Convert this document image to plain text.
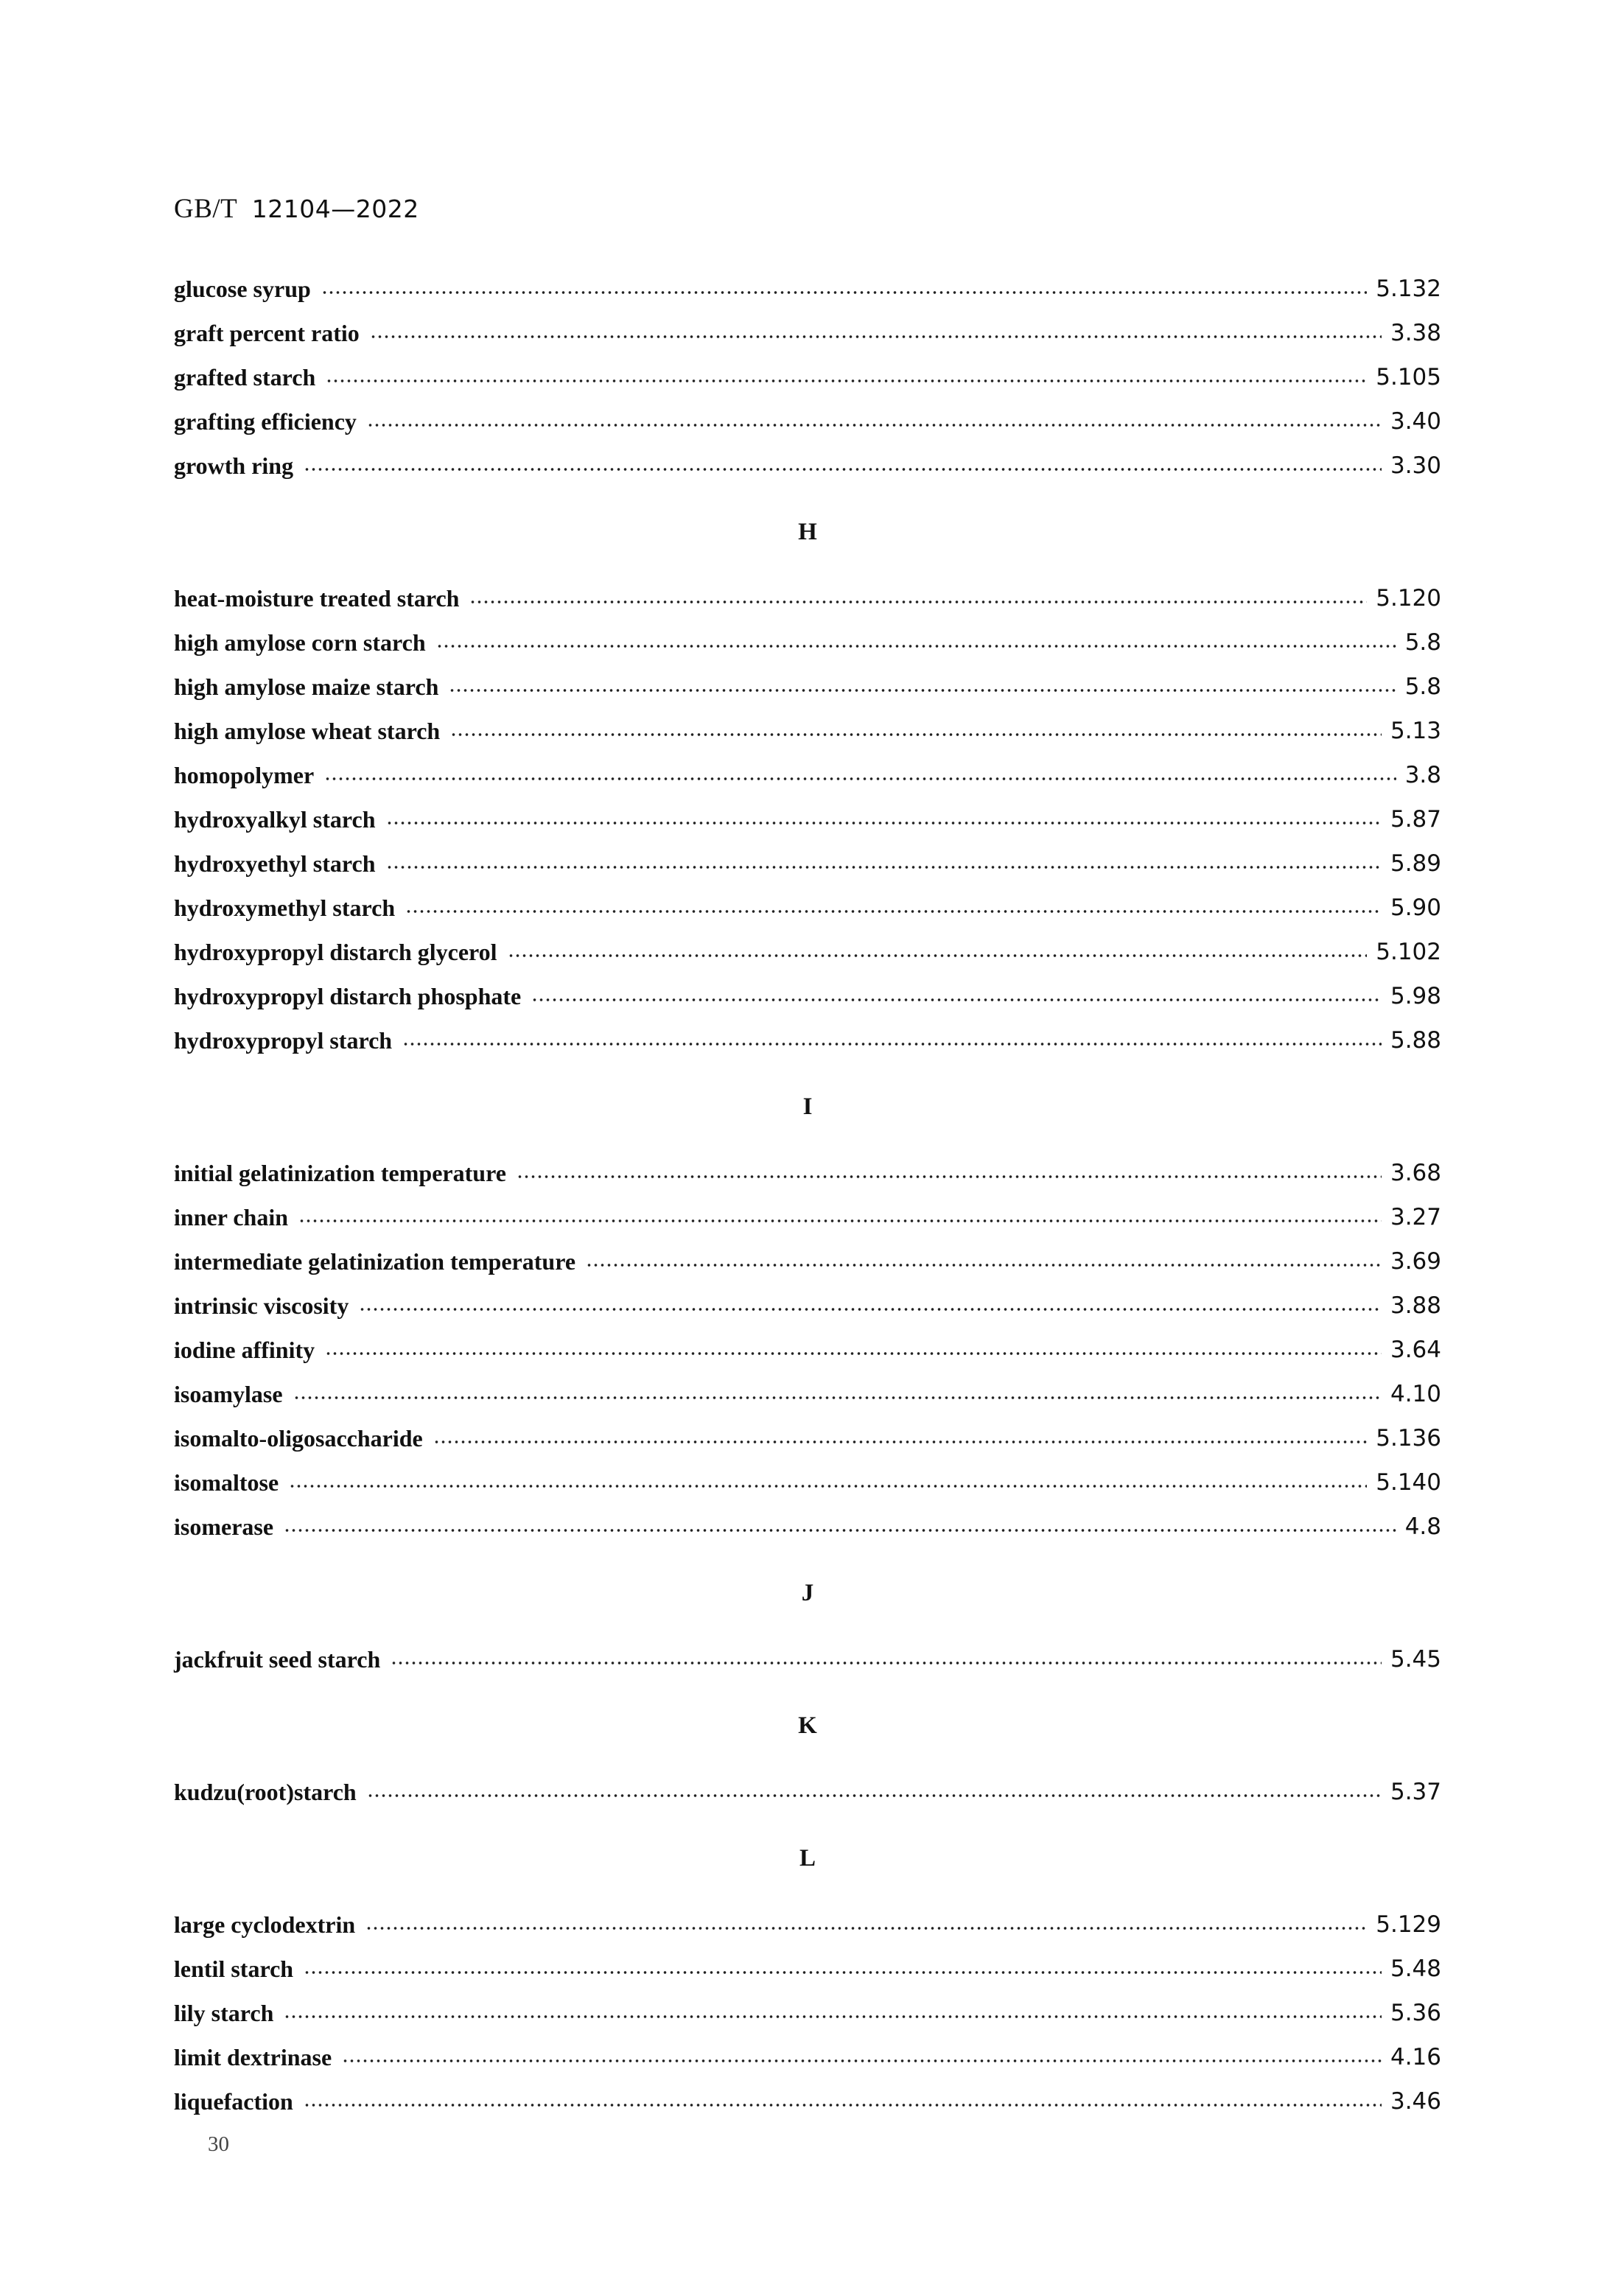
GB/T 12104—2022
glucose syrup	5.132
graft percent ratio	3.38
grafted starch	5.105
grafting efficiency	3.40
growth ring	3.30
H
heat-moisture treated starch	5.120
high amylose corn starch	5.8
high amylose maize starch	5.8
high amylose wheat starch	5.13
homopolymer	3.8
hydroxyalkyl starch	5.87
hydroxyethyl starch	5.89
hydroxymethyl starch	5.90
hydroxypropyl distarch glycerol	5.102
hydroxypropyl distarch phosphate	5.98
hydroxypropyl starch	5.88
I
initial gelatinization temperature	3.68
inner chain	3.27
intermediate gelatinization temperature	3.69
intrinsic viscosity	3.88
iodine affinity	3.64
isoamylase	4.10
isomalto-oligosaccharide	5.136
isomaltose	5.140
isomerase	4.8
J
jackfruit seed starch	5.45
K
kudzu(root)starch	5.37
L
large cyclodextrin	5.129
lentil starch	5.48
lily starch	5.36
limit dextrinase	4.16
liquefaction	3.46
30
